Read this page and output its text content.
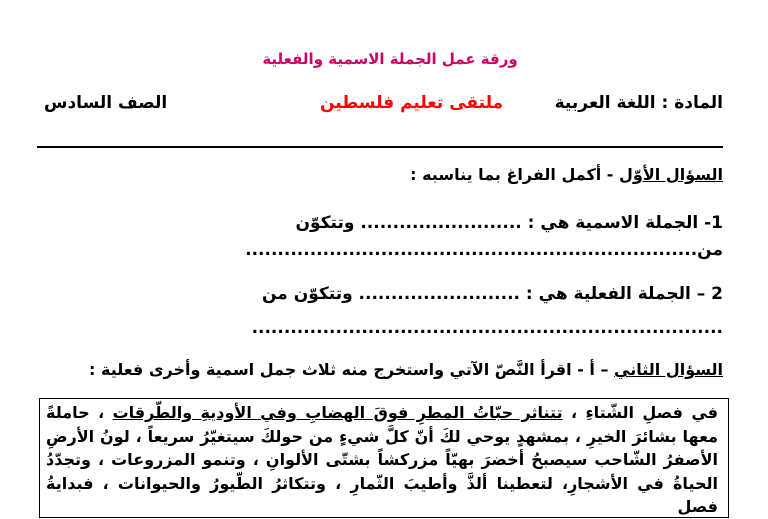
ورقة عمل الجملة الاسمية والفعلية
المادة : اللغة العربية
ملتقى تعليم فلسطين
الصف السادس
السؤال الأوّل - أكمل الفراغ بما يناسبه :
1- الجملة الاسمية هي : ......................... وتتكوّن
من......................................................................
2 – الجملة الفعلية هي : ......................... وتتكوّن من
.........................................................................
السؤال الثاني – أ - اقرأ النَّصّ الآتي واستخرج منه ثلاث جمل اسمية وأخرى فعلية :
في فصلِ الشّتاءِ ، تتناثر حبّاتُ المطرِ فوقَ الهضابِ وفي الأوديةِ والطّرقات ، حاملةً معها بشائرَ الخيرِ ، بمشهدٍ يوحي لكَ أنّ كلَّ شيءٍ من حولكَ سيتغيّرُ سريعاً ، لونُ الأرضِ الأصفرُ الشّاحب سيصبحُ أخضرَ بهيّاً مزركشاً بشتّى الألوانِ ، وتنمو المزروعات ، وتجدّدُ الحياةُ في الأشجارِ، لتعطينا ألذَّ وأطيبَ الثّمارِ ، وتتكاثرُ الطّيورُ والحيوانات ، فبدايةُ فصل
